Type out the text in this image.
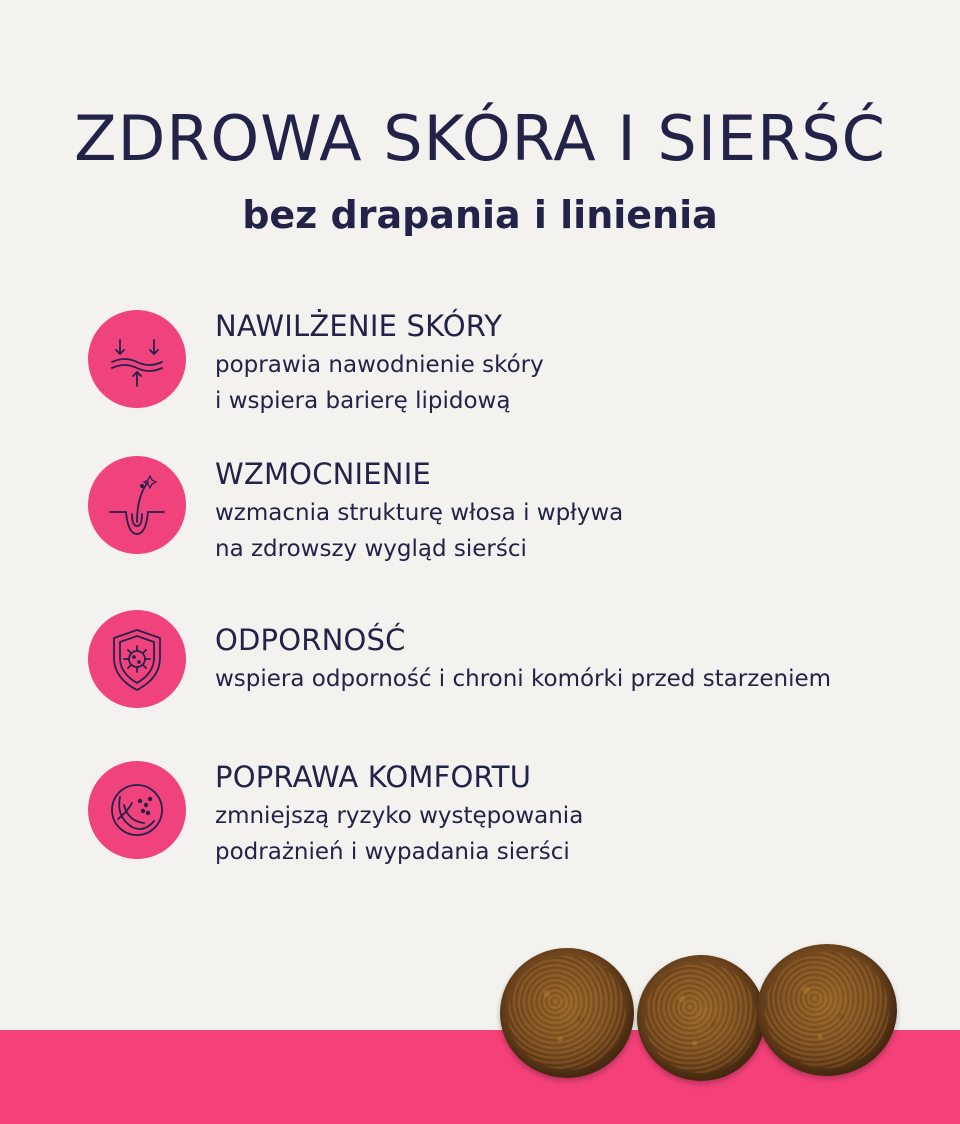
ZDROWA SKÓRA I SIERŚĆ
bez drapania i linienia
NAWILŻENIE SKÓRY
poprawia nawodnienie skóry
i wspiera barierę lipidową
WZMOCNIENIE
wzmacnia strukturę włosa i wpływa
na zdrowszy wygląd sierści
ODPORNOŚĆ
wspiera odporność i chroni komórki przed starzeniem
POPRAWA KOMFORTU
zmniejszą ryzyko występowania
podrażnień i wypadania sierści
